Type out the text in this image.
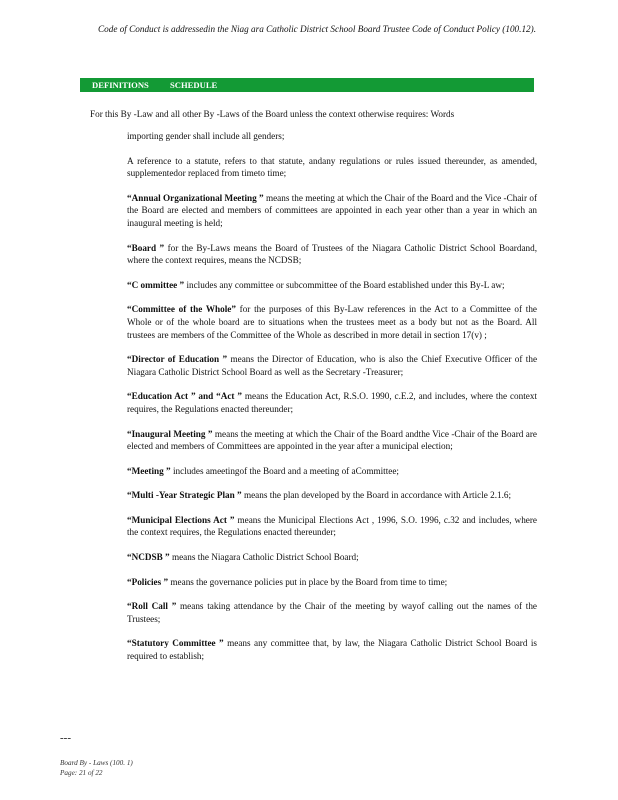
Code of Conduct is addressedin the Niag ara Catholic District School Board Trustee Code of Conduct Policy (100.12).
DEFINITIONS SCHEDULE
For this By -Law and all other By -Laws of the Board unless the context otherwise requires: Words

importing gender shall include all genders;

A reference to a statute, refers to that statute, andany regulations or rules issued thereunder, as amended, supplementedor replaced from timeto time;

“Annual Organizational Meeting ” means the meeting at which the Chair of the Board and the Vice -Chair of the Board are elected and members of committees are appointed in each year other than a year in which an inaugural meeting is held;

“Board ” for the By-Laws means the Board of Trustees of the Niagara Catholic District School Boardand, where the context requires, means the NCDSB;

“C ommittee ” includes any committee or subcommittee of the Board established under this By-L aw;

“Committee of the Whole” for the purposes of this By-Law references in the Act to a Committee of the Whole or of the whole board are to situations when the trustees meet as a body but not as the Board. All trustees are members of the Committee of the Whole as described in more detail in section 17(v) ;

“Director of Education ” means the Director of Education, who is also the Chief Executive Officer of the Niagara Catholic District School Board as well as the Secretary -Treasurer;

“Education Act ” and “Act ” means the Education Act, R.S.O. 1990, c.E.2, and includes, where the context requires, the Regulations enacted thereunder;

“Inaugural Meeting ” means the meeting at which the Chair of the Board andthe Vice -Chair of the Board are elected and members of Committees are appointed in the year after a municipal election;

“Meeting ” includes ameetingof the Board and a meeting of aCommittee;

“Multi -Year Strategic Plan ” means the plan developed by the Board in accordance with Article 2.1.6;

“Municipal Elections Act ” means the Municipal Elections Act , 1996, S.O. 1996, c.32 and includes, where the context requires, the Regulations enacted thereunder;

“NCDSB ” means the Niagara Catholic District School Board;

“Policies ” means the governance policies put in place by the Board from time to time;

“Roll Call ” means taking attendance by the Chair of the meeting by wayof calling out the names of the Trustees;

“Statutory Committee ” means any committee that, by law, the Niagara Catholic District School Board is required to establish;

---
Board By - Laws (100. 1)
Page: 21 of 22
